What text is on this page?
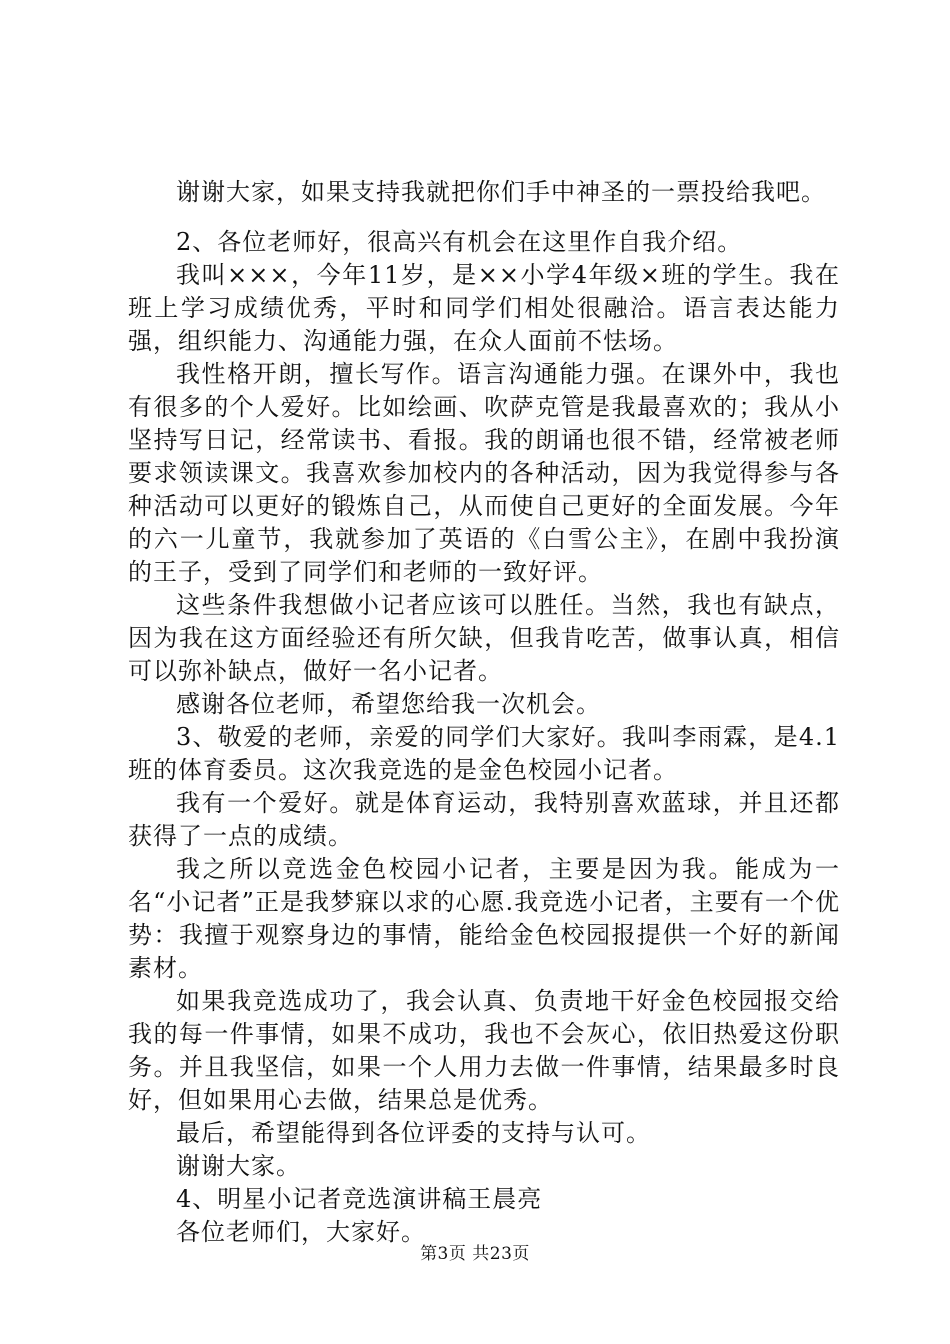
谢谢大家，如果支持我就把你们手中神圣的一票投给我吧。

2、各位老师好，很高兴有机会在这里作自我介绍。

我叫×××，今年11岁，是××小学4年级×班的学生。我在班上学习成绩优秀，平时和同学们相处很融洽。语言表达能力强，组织能力、沟通能力强，在众人面前不怯场。

我性格开朗，擅长写作。语言沟通能力强。在课外中，我也有很多的个人爱好。比如绘画、吹萨克管是我最喜欢的；我从小坚持写日记，经常读书、看报。我的朗诵也很不错，经常被老师要求领读课文。我喜欢参加校内的各种活动，因为我觉得参与各种活动可以更好的锻炼自己，从而使自己更好的全面发展。今年的六一儿童节，我就参加了英语的《白雪公主》，在剧中我扮演的王子，受到了同学们和老师的一致好评。

这些条件我想做小记者应该可以胜任。当然，我也有缺点，因为我在这方面经验还有所欠缺，但我肯吃苦，做事认真，相信可以弥补缺点，做好一名小记者。

感谢各位老师，希望您给我一次机会。

3、敬爱的老师，亲爱的同学们大家好。我叫李雨霖，是4.1班的体育委员。这次我竞选的是金色校园小记者。

我有一个爱好。就是体育运动，我特别喜欢蓝球，并且还都获得了一点的成绩。

我之所以竞选金色校园小记者，主要是因为我。能成为一名“小记者”正是我梦寐以求的心愿.我竞选小记者，主要有一个优势：我擅于观察身边的事情，能给金色校园报提供一个好的新闻素材。

如果我竞选成功了，我会认真、负责地干好金色校园报交给我的每一件事情，如果不成功，我也不会灰心，依旧热爱这份职务。并且我坚信，如果一个人用力去做一件事情，结果最多时良好，但如果用心去做，结果总是优秀。

最后，希望能得到各位评委的支持与认可。

谢谢大家。

4、明星小记者竞选演讲稿王晨亮

各位老师们，大家好。

第3页 共23页
